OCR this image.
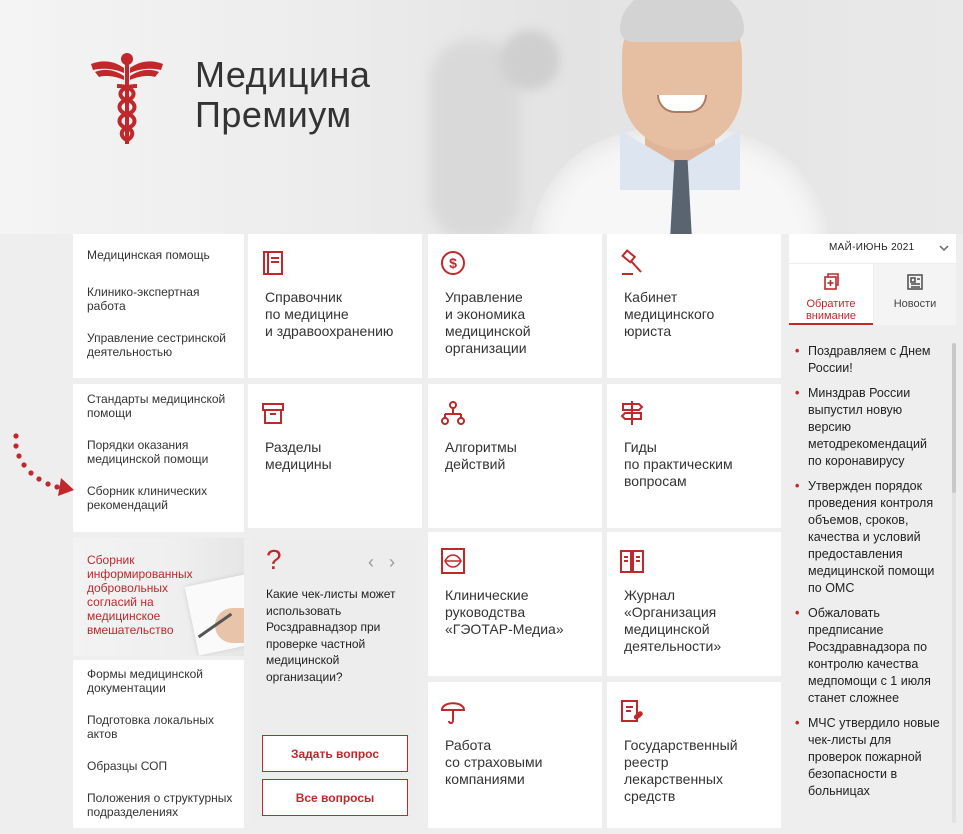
Медицина
Премиум
Медицинская помощь
Клинико-экспертная работа
Управление сестринской деятельностью
Стандарты медицинской помощи
Порядки оказания медицинской помощи
Сборник клинических рекомендаций
Сборник информированных добровольных согласий на медицинское вмешательство
Формы медицинской документации
Подготовка локальных актов
Образцы СОП
Положения о структурных подразделениях
Справочник
по медицине
и здравоохранению
$
Управление
и экономика
медицинской
организации
Кабинет
медицинского
юриста
Разделы
медицины
Алгоритмы
действий
Гиды
по практическим
вопросам
Клинические
руководства
«ГЭОТАР-Медиа»
Журнал
«Организация
медицинской
деятельности»
Работа
со страховыми
компаниями
Государственный
реестр
лекарственных
средств
?	‹ ›

Какие чек-листы может использовать Росздравнадзор при проверке частной медицинской организации?

Задать вопрос
Все вопросы
МАЙ-ИЮНЬ 2021
Обратите внимание
Новости
• Поздравляем с Днем России!
• Минздрав России выпустил новую версию методрекомендаций по коронавирусу
• Утвержден порядок проведения контроля объемов, сроков, качества и условий предоставления медицинской помощи по ОМС
• Обжаловать предписание Росздравнадзора по контролю качества медпомощи с 1 июля станет сложнее
• МЧС утвердило новые чек-листы для проверок пожарной безопасности в больницах
